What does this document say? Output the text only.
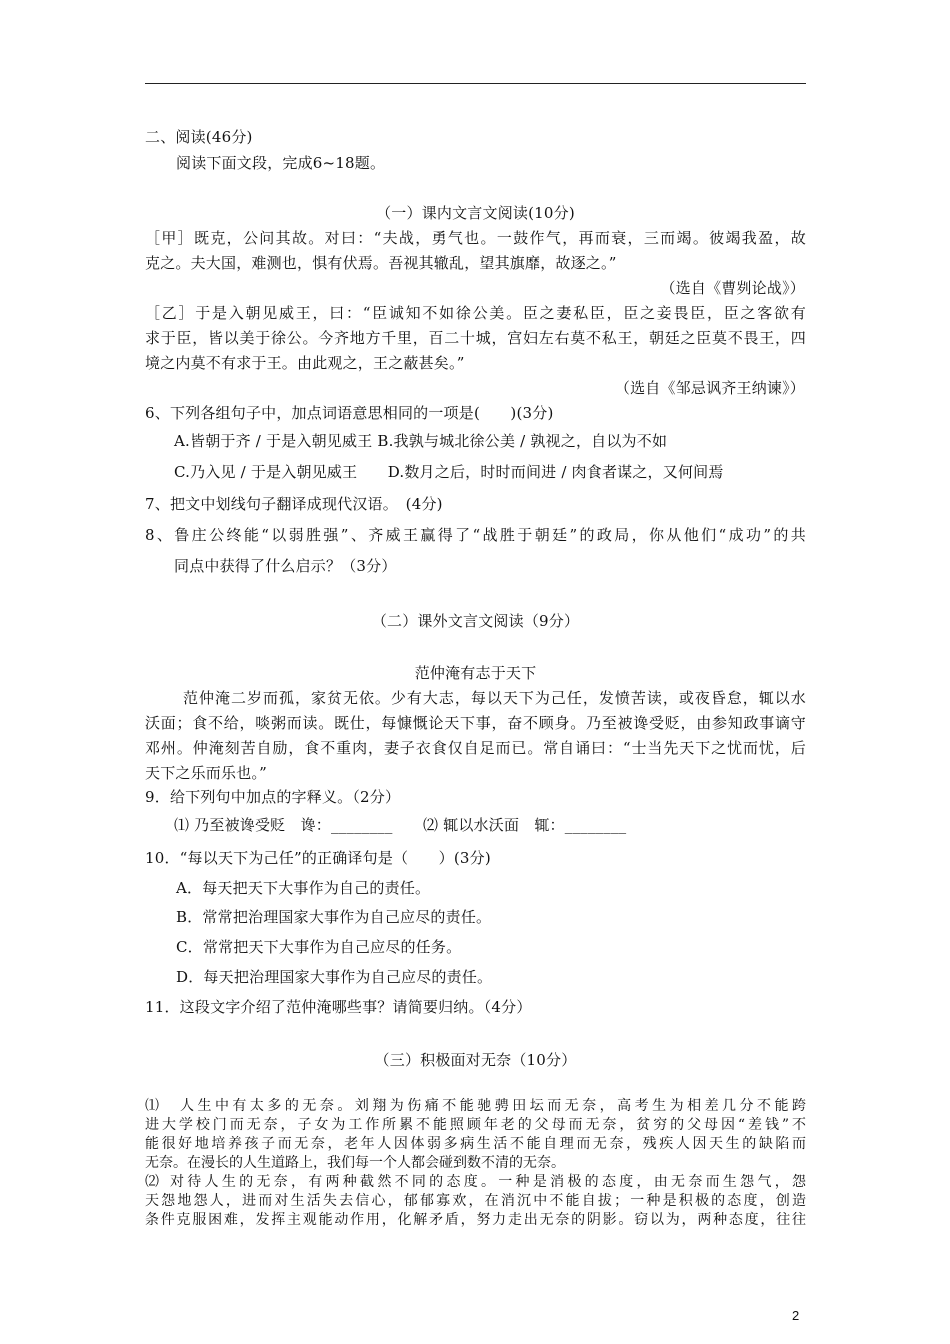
二、阅读(46分)
阅读下面文段，完成6~18题。
（一）课内文言文阅读(10分)
［甲］既克，公问其故。对曰：“夫战，勇气也。一鼓作气，再而衰，三而竭。彼竭我盈，故
克之。夫大国，难测也，惧有伏焉。吾视其辙乱，望其旗靡，故逐之。”
（选自《曹刿论战》）
［乙］于是入朝见威王，曰：“臣诚知不如徐公美。臣之妻私臣，臣之妾畏臣，臣之客欲有
求于臣，皆以美于徐公。今齐地方千里，百二十城，宫妇左右莫不私王，朝廷之臣莫不畏王，四
境之内莫不有求于王。由此观之，王之蔽甚矣。”
（选自《邹忌讽齐王纳谏》）
6、下列各组句子中，加点词语意思相同的一项是(　　)(3分)
A.皆朝于齐 / 于是入朝见威王 B.我孰与城北徐公美 / 孰视之，自以为不如
C.乃入见 / 于是入朝见威王　　D.数月之后，时时而间进 / 肉食者谋之，又何间焉
7、把文中划线句子翻译成现代汉语。　(4分)
8、鲁庄公终能“以弱胜强”、齐威王赢得了“战胜于朝廷”的政局，你从他们“成功”的共
同点中获得了什么启示？（3分）
（二）课外文言文阅读（9分）
范仲淹有志于天下
范仲淹二岁而孤，家贫无依。少有大志，每以天下为己任，发愤苦读，或夜昏怠，辄以水
沃面；食不给，啖粥而读。既仕，每慷慨论天下事，奋不顾身。乃至被谗受贬，由参知政事谪守
邓州。仲淹刻苦自励，食不重肉，妻子衣食仅自足而已。常自诵曰：“士当先天下之忧而忧，后
天下之乐而乐也。”
9．给下列句中加点的字释义。（2分）
⑴ 乃至被谗受贬　谗：________　　⑵ 辄以水沃面　辄：________
10．“每以天下为己任”的正确译句是（　　）(3分)
A．每天把天下大事作为自己的责任。
B．常常把治理国家大事作为自己应尽的责任。
C．常常把天下大事作为自己应尽的任务。
D．每天把治理国家大事作为自己应尽的责任。
11．这段文字介绍了范仲淹哪些事？请简要归纳。（4分）
（三）积极面对无奈（10分）
⑴　人生中有太多的无奈。刘翔为伤痛不能驰骋田坛而无奈，高考生为相差几分不能跨
进大学校门而无奈，子女为工作所累不能照顾年老的父母而无奈，贫穷的父母因“差钱”不
能很好地培养孩子而无奈，老年人因体弱多病生活不能自理而无奈，残疾人因天生的缺陷而
无奈。在漫长的人生道路上，我们每一个人都会碰到数不清的无奈。
⑵ 对待人生的无奈，有两种截然不同的态度。一种是消极的态度，由无奈而生怨气，怨
天怨地怨人，进而对生活失去信心，郁郁寡欢，在消沉中不能自拔；一种是积极的态度，创造
条件克服困难，发挥主观能动作用，化解矛盾，努力走出无奈的阴影。窃以为，两种态度，往往
2
